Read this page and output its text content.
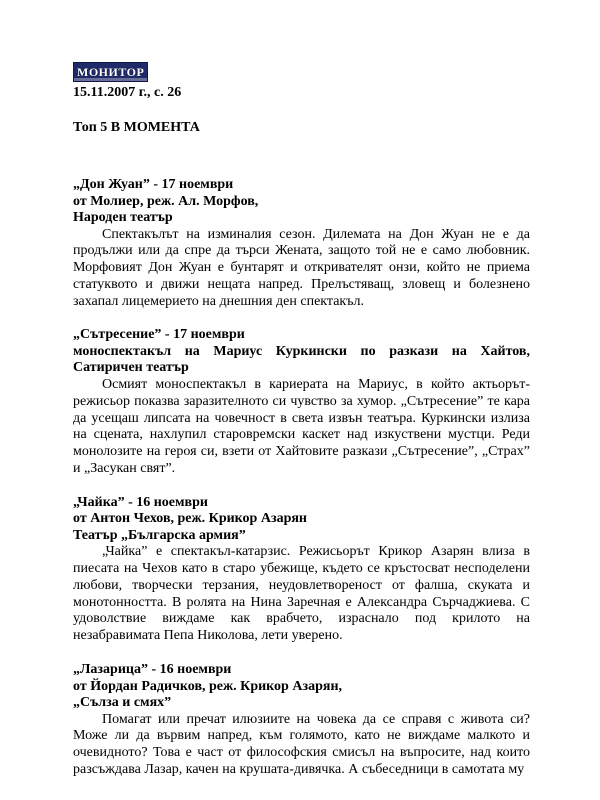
МОНИТОР
15.11.2007 г., с. 26
Топ 5 В МОМЕНТА
„Дон Жуан” - 17 ноември
от Молиер, реж. Ал. Морфов,
Народен театър
Спектакълът на изминалия сезон. Дилемата на Дон Жуан не е да продължи или да спре да търси Жената, защото той не е само любовник. Морфовият Дон Жуан е бунтарят и откривателят онзи, който не приема статуквото и движи нещата напред. Прелъстяващ, зловещ и болезнено захапал лицемерието на днешния ден спектакъл.
„Сътресение” - 17 ноември
моноспектакъл на Мариус Куркински по разкази на Хайтов, Сатиричен театър
Осмият моноспектакъл в кариерата на Мариус, в който актьорът-режисьор показва заразителното си чувство за хумор. „Сътресение” те кара да усещаш липсата на човечност в света извън театъра. Куркински излиза на сцената, нахлупил старовремски каскет над изкуствени мустци. Реди монолозите на героя си, взети от Хайтовите разкази „Сътресение”, „Страх” и „Засукан свят”.
„Чайка” - 16 ноември
от Антон Чехов, реж. Крикор Азарян
Театър „Българска армия”
„Чайка” е спектакъл-катарзис. Режисьорът Крикор Азарян влиза в пиесата на Чехов като в старо убежище, където се кръстосват несподелени любови, творчески терзания, неудовлетвореност от фалша, скуката и монотонността. В ролята на Нина Заречная е Александра Сърчаджиева. С удоволствие виждаме как врабчето, израснало под крилото на незабравимата Пепа Николова, лети уверено.
„Лазарица” - 16 ноември
от Йордан Радичков, реж. Крикор Азарян,
„Сълза и смях”
Помагат или пречат илюзиите на човека да се справя с живота си? Може ли да вървим напред, към голямото, като не виждаме малкото и очевидното? Това е част от философския смисъл на въпросите, над които разсъждава Лазар, качен на крушата-дивячка. А събеседници в самотата му
